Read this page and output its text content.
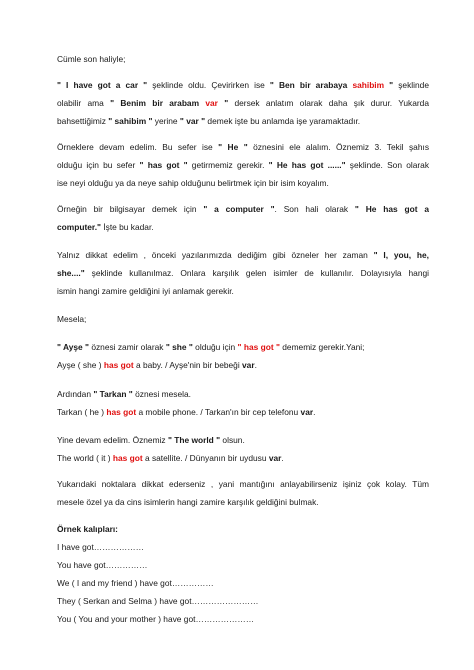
Cümle son haliyle;
" I have got a car " şeklinde oldu. Çevirirken ise " Ben bir arabaya sahibim " şeklinde
olabilir ama " Benim bir arabam var " dersek anlatım olarak daha şık durur. Yukarda
bahsettiğimiz " sahibim " yerine " var " demek işte bu anlamda işe yaramaktadır.
Örneklere devam edelim. Bu sefer ise " He " öznesini ele alalım. Öznemiz 3. Tekil şahıs
olduğu için bu sefer " has got " getirmemiz gerekir. " He has got ......" şeklinde. Son olarak
ise neyi olduğu ya da neye sahip olduğunu belirtmek için bir isim koyalım.
Örneğin bir bilgisayar demek için " a computer ". Son hali olarak " He has got a
computer." İşte bu kadar.
Yalnız dikkat edelim , önceki yazılarımızda dediğim gibi özneler her zaman " I, you, he,
she...." şeklinde kullanılmaz. Onlara karşılık gelen isimler de kullanılır. Dolayısıyla hangi
ismin hangi zamire geldiğini iyi anlamak gerekir.
Mesela;
" Ayşe " öznesi zamir olarak " she " olduğu için " has got " dememiz gerekir.Yani;
Ayşe ( she ) has got a baby. / Ayşe'nin bir bebeği var.
Ardından " Tarkan " öznesi mesela.
Tarkan ( he ) has got a mobile phone. / Tarkan'ın bir cep telefonu var.
Yine devam edelim. Öznemiz " The world " olsun.
The world ( it ) has got a satellite. / Dünyanın bir uydusu var.
Yukarıdaki noktalara dikkat ederseniz , yani mantığını anlayabilirseniz işiniz çok kolay. Tüm
mesele özel ya da cins isimlerin hangi zamire karşılık geldiğini bulmak.
Örnek kalıpları:
I have got………………
You have got……………
We ( I and my friend ) have got……………
They ( Serkan and Selma ) have got……………………
You ( You and your mother ) have got…………………
